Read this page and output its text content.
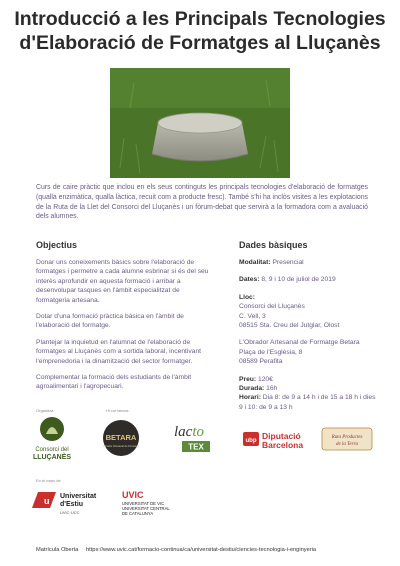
Introducció a les Principals Tecnologies
d'Elaboració de Formatges al Lluçanès
Curs de caire pràctic que inclou en els seus continguts les principals tecnologies d'elaboració de formatges (qualla enzimàtica, qualla làctica, recuit com a producte fresc). També s'hi ha inclòs visites a les explotacions de la Ruta de la Llet del Consorci del Lluçanès i un fòrum-debat que servirà a la formadora com a avaluació dels alumnes.
Objectius

Donar uns coneixements bàsics sobre l'elaboració de formatges i permetre a cada alumne esbrinar si és del seu interès aprofundir en aquesta formació i arribar a desenvolupar tasques en l'àmbit especialitzat de formatgeria artesana.

Dotar d'una formació pràctica bàsica en l'àmbit de l'elaboració del formatge.

Plantejar la inquietud en l'alumnat de l'elaboració de formatges al Lluçanès com a sortida laboral, incentivant l'emprenedoria i la dinamització del sector formatger.

Complementar la formació dels estudiants de l'àmbit agroalimentari i l'agropecuari.

Dades bàsiques

Modalitat: Presencial

Dates: 8, 9 i 10 de juliol de 2019

Lloc:

Consorci del Lluçanès

C. Vell, 3

08515 Sta. Creu del Jutglar, Olost

L'Obrador Artesanal de Formatge Betara

Plaça de l'Església, 8

08589 Perafita

Preu: 120€

Durada: 16h

Horari: Dia 8: de 9 a 14 h i de 15 a 18 h i dies 9 i 10: de 9 a 13 h

Organitza	Hi col·labora
En el marc de
Consorci del
LLUÇANÈS
BETARA
Obrador Artesanal de Formatge
lacto
TEX
ubp Diputació
Barcelona
Ruta Productes
de la Terra
u Universitat
d'Estiu
UVIC·UCC
UVIC
UNIVERSITAT DE VIC
UNIVERSITAT CENTRAL
DE CATALUNYA
Matrícula Oberta https://www.uvic.cat/formacio-continua/ca/universitat-destiu/ciencies-tecnologia-i-enginyeria
